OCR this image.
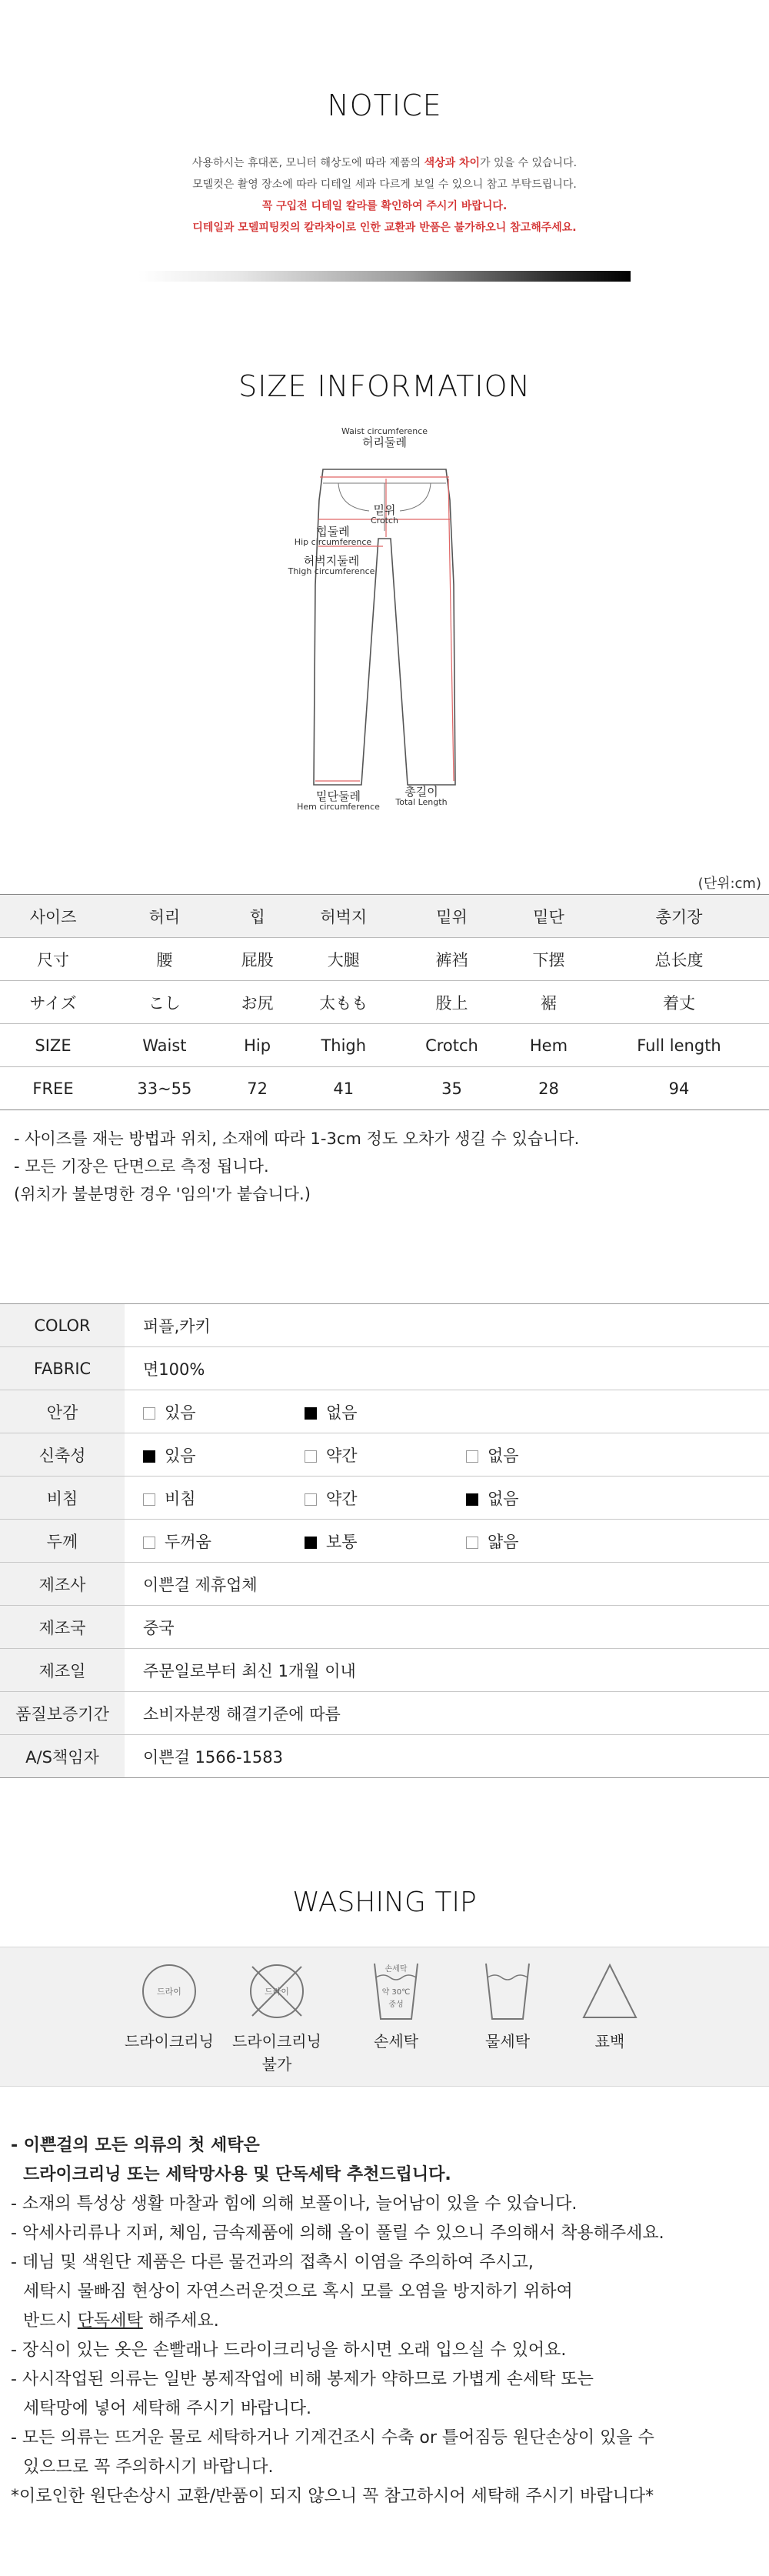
NOTICE
사용하시는 휴대폰, 모니터 해상도에 따라 제품의 색상과 차이가 있을 수 있습니다.
모델컷은 촬영 장소에 따라 디테일 세과 다르게 보일 수 있으니 참고 부탁드립니다.
꼭 구입전 디테일 칼라를 확인하여 주시기 바랍니다.
디테일과 모델피팅컷의 칼라차이로 인한 교환과 반품은 불가하오니 참고해주세요.
SIZE INFORMATION
Waist circumference
허리둘레
밑위
Crotch
힙둘레
Hip circumference
허벅지둘레
Thigh circumference
밑단둘레
Hem circumference
총길이
Total Length
(단위:cm)
사이즈	허리	힙	허벅지	밑위	밑단	총기장
尺寸	腰	屁股	大腿	裤裆	下摆	总长度
サイズ	こし	お尻	太もも	股上	裾	着丈
SIZE	Waist	Hip	Thigh	Crotch	Hem	Full length
FREE	33~55	72	41	35	28	94
- 사이즈를 재는 방법과 위치, 소재에 따라 1-3cm 정도 오차가 생길 수 있습니다.
- 모든 기장은 단면으로 측정 됩니다.
(위치가 불분명한 경우 '임의'가 붙습니다.)
COLOR	퍼플,카키
FABRIC	면100%
안감	있음 없음
신축성	있음 약간 없음
비침	비침 약간 없음
두께	두꺼움 보통 얇음
제조사	이쁜걸 제휴업체
제조국	중국
제조일	주문일로부터 최신 1개월 이내
품질보증기간	소비자분쟁 해결기준에 따름
A/S책임자	이쁜걸 1566-1583
WASHING TIP
드라이	드라이
손세탁
약 30℃
중성
드라이크리닝	드라이크리닝
불가
손세탁	물세탁	표백
- 이쁜걸의 모든 의류의 첫 세탁은
드라이크리닝 또는 세탁망사용 및 단독세탁 추천드립니다.
- 소재의 특성상 생활 마찰과 힘에 의해 보풀이나, 늘어남이 있을 수 있습니다.
- 악세사리류나 지퍼, 체임, 금속제품에 의해 올이 풀릴 수 있으니 주의해서 착용해주세요.
- 데님 및 색원단 제품은 다른 물건과의 접촉시 이염을 주의하여 주시고,
세탁시 물빠짐 현상이 자연스러운것으로 혹시 모를 오염을 방지하기 위하여
반드시 단독세탁 해주세요.
- 장식이 있는 옷은 손빨래나 드라이크리닝을 하시면 오래 입으실 수 있어요.
- 사시작업된 의류는 일반 봉제작업에 비해 봉제가 약하므로 가볍게 손세탁 또는
세탁망에 넣어 세탁해 주시기 바랍니다.
- 모든 의류는 뜨거운 물로 세탁하거나 기계건조시 수축 or 틀어짐등 원단손상이 있을 수
있으므로 꼭 주의하시기 바랍니다.
*이로인한 원단손상시 교환/반품이 되지 않으니 꼭 참고하시어 세탁해 주시기 바랍니다*
